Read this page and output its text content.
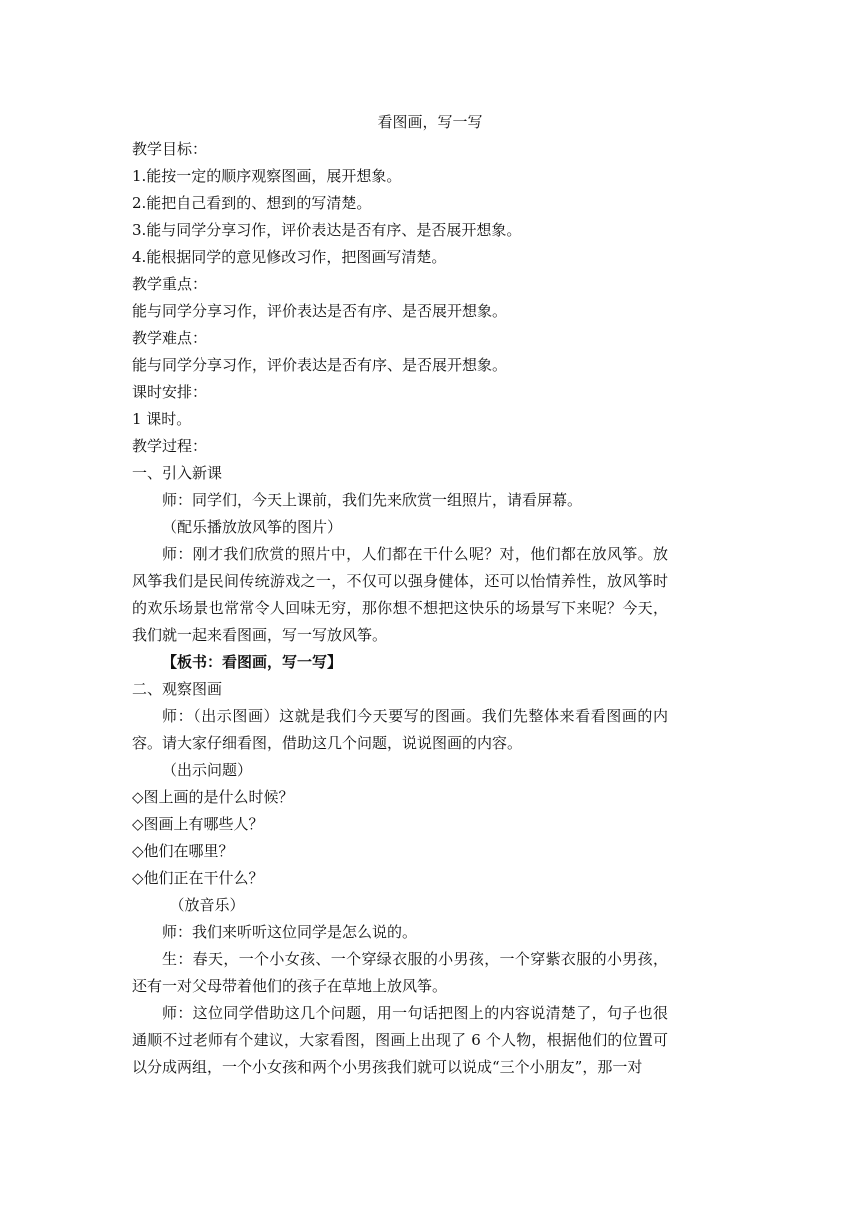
看图画，写一写

教学目标：

1.能按一定的顺序观察图画，展开想象。

2.能把自己看到的、想到的写清楚。

3.能与同学分享习作，评价表达是否有序、是否展开想象。

4.能根据同学的意见修改习作，把图画写清楚。

教学重点：

能与同学分享习作，评价表达是否有序、是否展开想象。

教学难点：

能与同学分享习作，评价表达是否有序、是否展开想象。

课时安排：

1 课时。

教学过程：

一、引入新课

师：同学们，今天上课前，我们先来欣赏一组照片，请看屏幕。

（配乐播放放风筝的图片）

师：刚才我们欣赏的照片中，人们都在干什么呢？对，他们都在放风筝。放风筝我们是民间传统游戏之一，不仅可以强身健体，还可以怡情养性，放风筝时的欢乐场景也常常令人回味无穷，那你想不想把这快乐的场景写下来呢？今天，我们就一起来看图画，写一写放风筝。

【板书：看图画，写一写】

二、观察图画

师：（出示图画）这就是我们今天要写的图画。我们先整体来看看图画的内容。请大家仔细看图，借助这几个问题，说说图画的内容。

（出示问题）

◇图上画的是什么时候？

◇图画上有哪些人？

◇他们在哪里？

◇他们正在干什么？

（放音乐）

师：我们来听听这位同学是怎么说的。

生：春天，一个小女孩、一个穿绿衣服的小男孩，一个穿紫衣服的小男孩，还有一对父母带着他们的孩子在草地上放风筝。

师：这位同学借助这几个问题，用一句话把图上的内容说清楚了，句子也很通顺不过老师有个建议，大家看图，图画上出现了 6 个人物，根据他们的位置可以分成两组，一个小女孩和两个小男孩我们就可以说成“三个小朋友”，那一对
